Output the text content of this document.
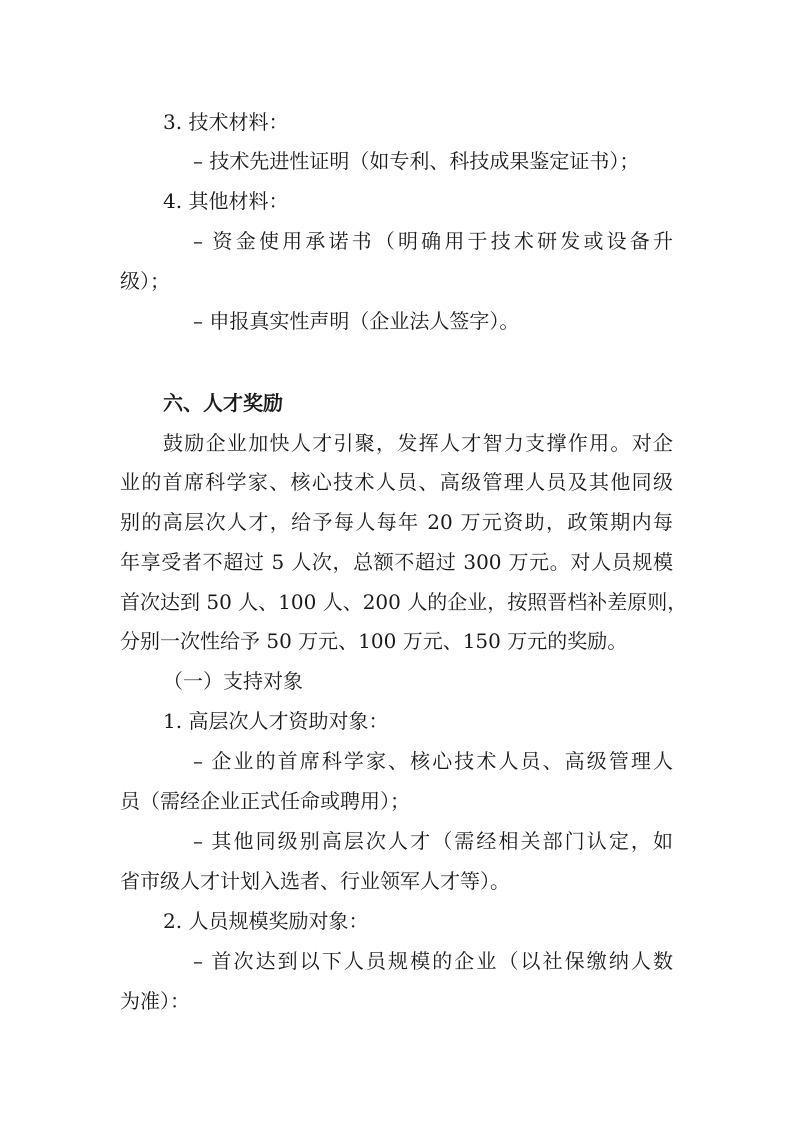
3. 技术材料：
– 技术先进性证明（如专利、科技成果鉴定证书）；
4. 其他材料：
– 资金使用承诺书（明确用于技术研发或设备升
级）；
– 申报真实性声明（企业法人签字）。
六、人才奖励
鼓励企业加快人才引聚，发挥人才智力支撑作用。对企
业的首席科学家、核心技术人员、高级管理人员及其他同级
别的高层次人才，给予每人每年 20 万元资助，政策期内每
年享受者不超过 5 人次，总额不超过 300 万元。对人员规模
首次达到 50 人、100 人、200 人的企业，按照晋档补差原则，
分别一次性给予 50 万元、100 万元、150 万元的奖励。
（一）支持对象
1. 高层次人才资助对象：
– 企业的首席科学家、核心技术人员、高级管理人
员（需经企业正式任命或聘用）；
– 其他同级别高层次人才（需经相关部门认定，如
省市级人才计划入选者、行业领军人才等）。
2. 人员规模奖励对象：
– 首次达到以下人员规模的企业（以社保缴纳人数
为准）：
